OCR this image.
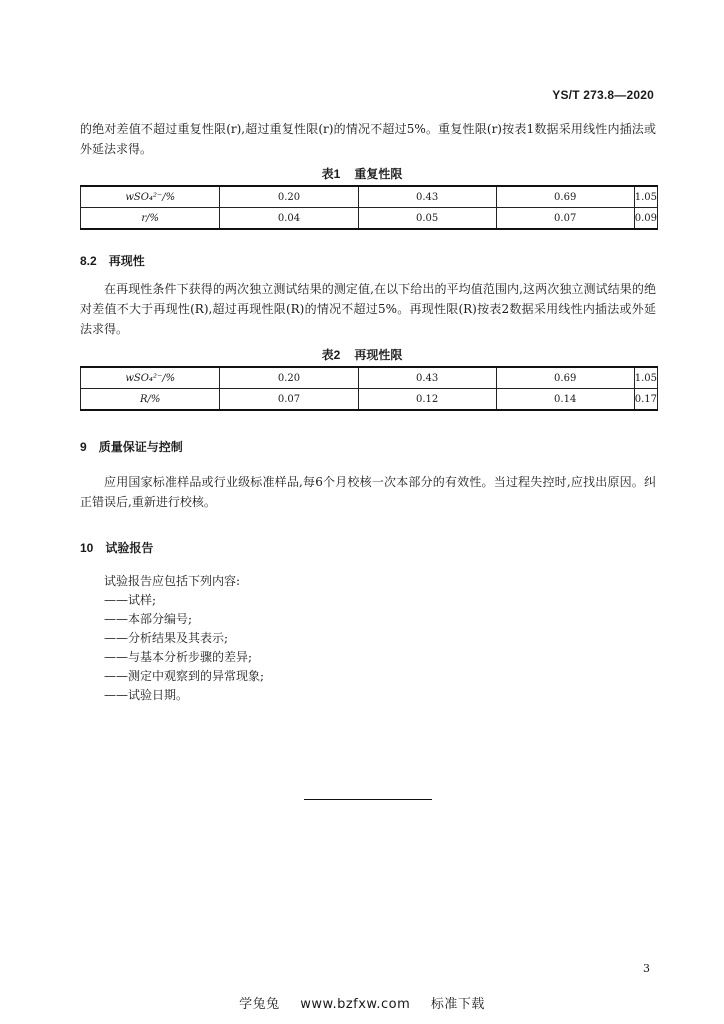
YS/T 273.8—2020
的绝对差值不超过重复性限(r),超过重复性限(r)的情况不超过5%。重复性限(r)按表1数据采用线性内插法或外延法求得。
表1 重复性限
wSO₄²⁻/%	0.20	0.43	0.69	1.05
r/%	0.04	0.05	0.07	0.09
8.2 再现性
在再现性条件下获得的两次独立测试结果的测定值,在以下给出的平均值范围内,这两次独立测试结果的绝对差值不大于再现性(R),超过再现性限(R)的情况不超过5%。再现性限(R)按表2数据采用线性内插法或外延法求得。
表2 再现性限
wSO₄²⁻/%	0.20	0.43	0.69	1.05
R/%	0.07	0.12	0.14	0.17
9 质量保证与控制
应用国家标准样品或行业级标准样品,每6个月校核一次本部分的有效性。当过程失控时,应找出原因。纠正错误后,重新进行校核。
10 试验报告
试验报告应包括下列内容:
——试样;
——本部分编号;
——分析结果及其表示;
——与基本分析步骤的差异;
——测定中观察到的异常现象;
——试验日期。
3
学兔兔 www.bzfxw.com 标准下载
